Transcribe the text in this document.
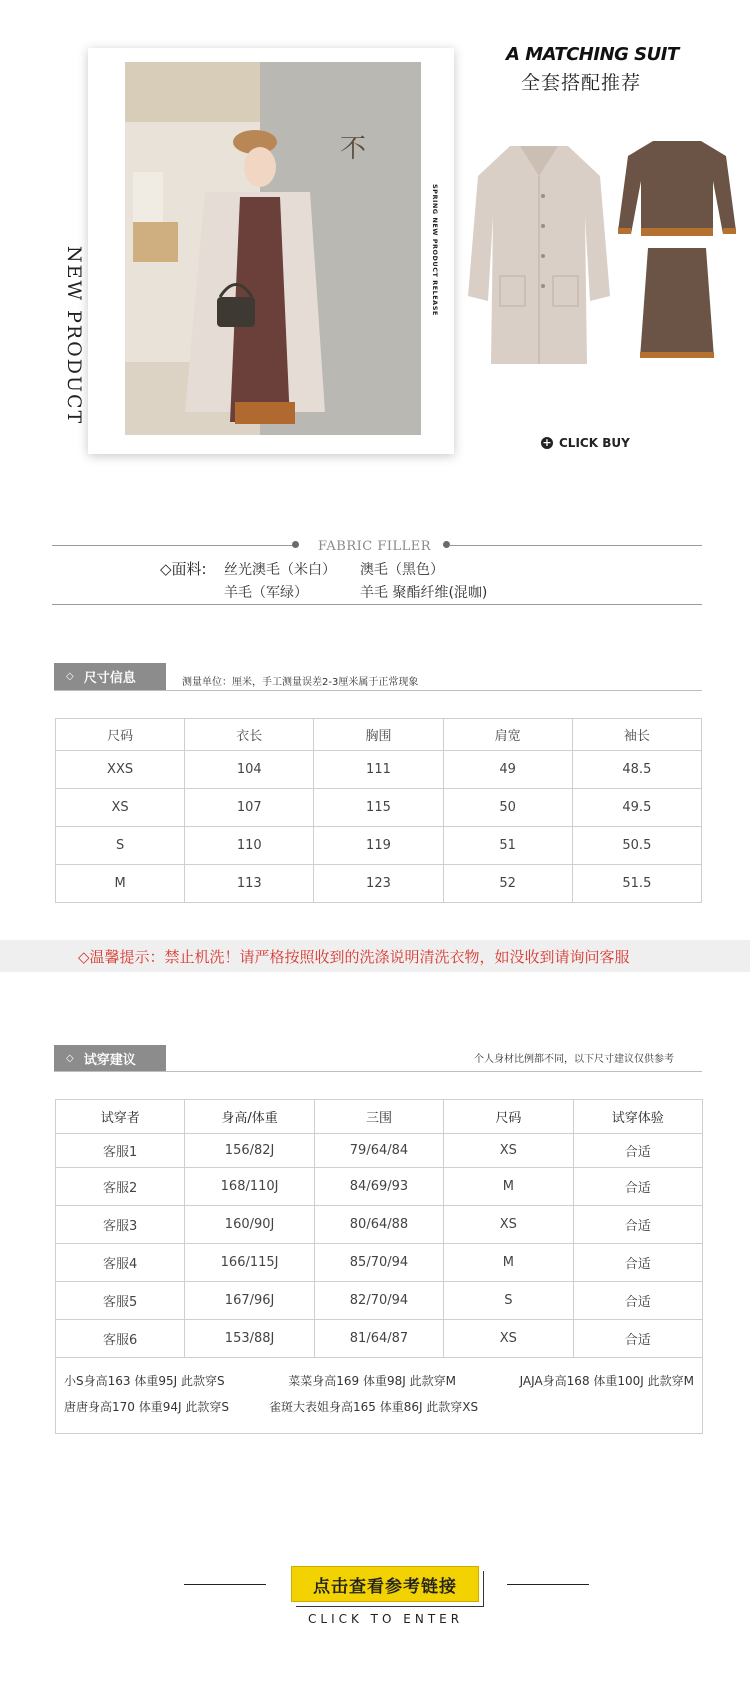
NEW PRODUCT
不
SPRING NEW PRODUCT RELEASE
A MATCHING SUIT
全套搭配推荐
+ CLICK BUY
FABRIC FILLER
◇面料: 丝光澳毛（米白） 澳毛（黑色）
羊毛（军绿）	羊毛 聚酯纤维(混咖)
◇ 尺寸信息	测量单位：厘米，手工测量误差2-3厘米属于正常现象
尺码	衣长	胸围	肩宽	袖长
XXS	104	111	49	48.5
XS	107	115	50	49.5
S	110	119	51	50.5
M	113	123	52	51.5
◇温馨提示：禁止机洗！请严格按照收到的洗涤说明清洗衣物，如没收到请询问客服
◇ 试穿建议	个人身材比例都不同，以下尺寸建议仅供参考
试穿者	身高/体重	三围	尺码	试穿体验
客服1	156/82J	79/64/84	XS	合适
客服2	168/110J	84/69/93	M	合适
客服3	160/90J	80/64/88	XS	合适
客服4	166/115J	85/70/94	M	合适
客服5	167/96J	82/70/94	S	合适
客服6	153/88J	81/64/87	XS	合适

小S身高163 体重95J 此款穿S 菜菜身高169 体重98J 此款穿M JAJA身高168 体重100J 此款穿M
唐唐身高170 体重94J 此款穿S 雀斑大表姐身高165 体重86J 此款穿XS				
点击查看参考链接
CLICK TO ENTER
